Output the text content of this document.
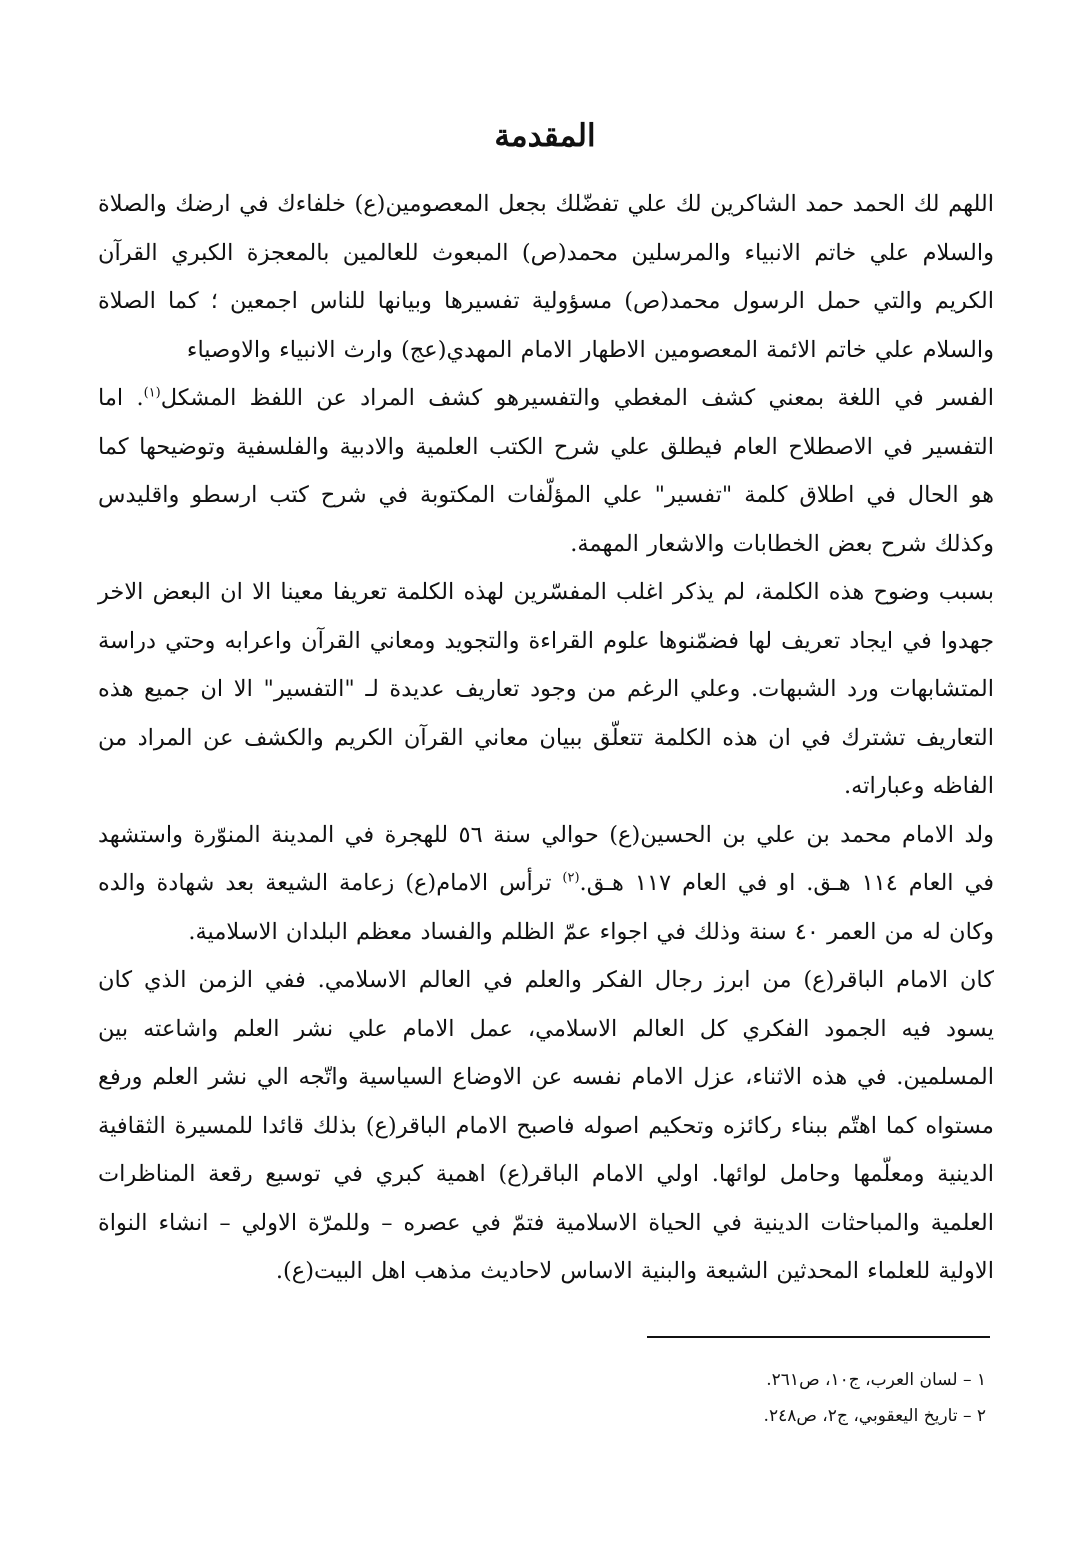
المقدمة

اللهم لك الحمد حمد الشاكرين لك علي تفضّلك بجعل المعصومين(ع) خلفاءك في ارضك والصلاة والسلام علي خاتم الانبياء والمرسلين محمد(ص) المبعوث للعالمين بالمعجزة الكبري القرآن الكريم والتي حمل الرسول محمد(ص) مسؤولية تفسيرها وبيانها للناس اجمعين ؛ كما الصلاة والسلام علي خاتم الائمة المعصومين الاطهار الامام المهدي(عج) وارث الانبياء والاوصياء

الفسر في اللغة بمعني كشف المغطي والتفسيرهو كشف المراد عن اللفظ المشكل$^{(١)}$. اما التفسير في الاصطلاح العام فيطلق علي شرح الكتب العلمية والادبية والفلسفية وتوضيحها كما هو الحال في اطلاق كلمة "تفسير" علي المؤلّفات المكتوبة في شرح كتب ارسطو واقليدس وكذلك شرح بعض الخطابات والاشعار المهمة.

بسبب وضوح هذه الكلمة، لم يذكر اغلب المفسّرين لهذه الكلمة تعريفا معينا الا ان البعض الاخر جهدوا في ايجاد تعريف لها فضمّنوها علوم القراءة والتجويد ومعاني القرآن واعرابه وحتي دراسة المتشابهات ورد الشبهات. وعلي الرغم من وجود تعاريف عديدة لـ "التفسير" الا ان جميع هذه التعاريف تشترك في ان هذه الكلمة تتعلّق ببيان معاني القرآن الكريم والكشف عن المراد من الفاظه وعباراته.

ولد الامام محمد بن علي بن الحسين(ع) حوالي سنة ٥٦ للهجرة في المدينة المنوّرة واستشهد في العام ١١٤ هـق. او في العام ١١٧ هـق.$^{(٢)}$ ترأس الامام(ع) زعامة الشيعة بعد شهادة والده وكان له من العمر ٤٠ سنة وذلك في اجواء عمّ الظلم والفساد معظم البلدان الاسلامية.

كان الامام الباقر(ع) من ابرز رجال الفكر والعلم في العالم الاسلامي. ففي الزمن الذي كان يسود فيه الجمود الفكري كل العالم الاسلامي، عمل الامام علي نشر العلم واشاعته بين المسلمين. في هذه الاثناء، عزل الامام نفسه عن الاوضاع السياسية واتّجه الي نشر العلم ورفع مستواه كما اهتّم ببناء ركائزه وتحكيم اصوله فاصبح الامام الباقر(ع) بذلك قائدا للمسيرة الثقافية الدينية ومعلّمها وحامل لوائها. اولي الامام الباقر(ع) اهمية كبري في توسيع رقعة المناظرات العلمية والمباحثات الدينية في الحياة الاسلامية فتمّ في عصره – وللمرّة الاولي – انشاء النواة الاولية للعلماء المحدثين الشيعة والبنية الاساس لاحاديث مذهب اهل البيت(ع).

١ – لسان العرب، ج١٠، ص٢٦١.
٢ – تاريخ اليعقوبي، ج٢، ص٢٤٨.
